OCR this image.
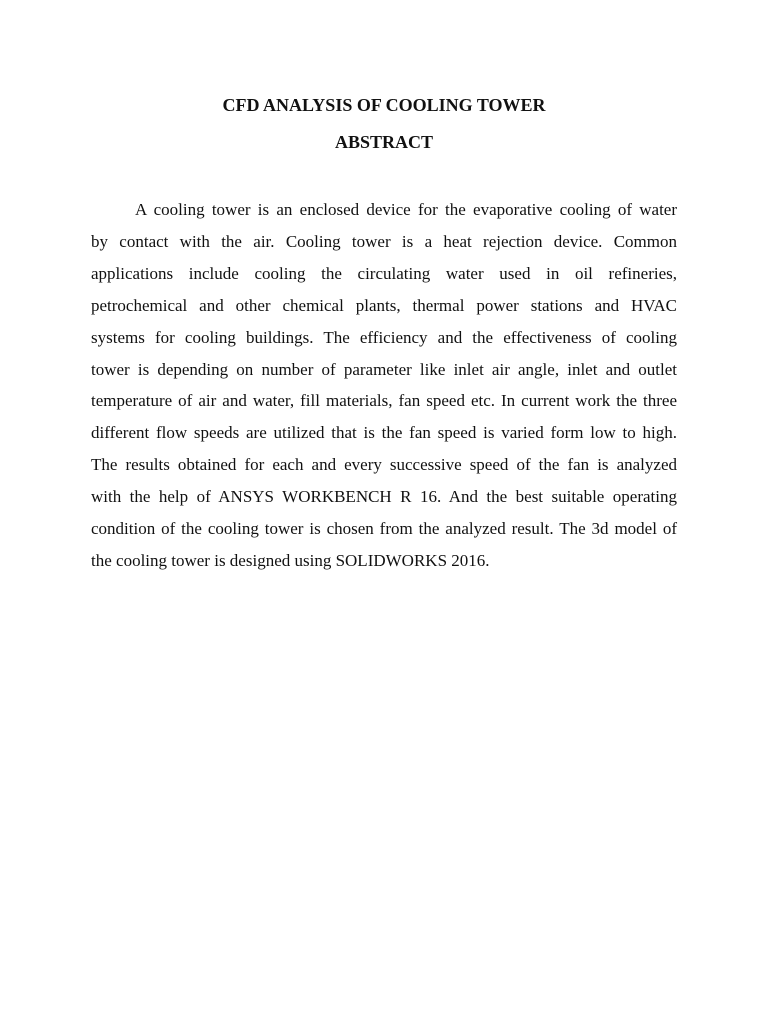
CFD ANALYSIS OF COOLING TOWER
ABSTRACT
A cooling tower is an enclosed device for the evaporative cooling of water
by contact with the air. Cooling tower is a heat rejection device. Common
applications include cooling the circulating water used in oil refineries,
petrochemical and other chemical plants, thermal power stations and HVAC
systems for cooling buildings. The efficiency and the effectiveness of cooling
tower is depending on number of parameter like inlet air angle, inlet and outlet
temperature of air and water, fill materials, fan speed etc. In current work the three
different flow speeds are utilized that is the fan speed is varied form low to high.
The results obtained for each and every successive speed of the fan is analyzed
with the help of ANSYS WORKBENCH R 16. And the best suitable operating
condition of the cooling tower is chosen from the analyzed result. The 3d model of
the cooling tower is designed using SOLIDWORKS 2016.
